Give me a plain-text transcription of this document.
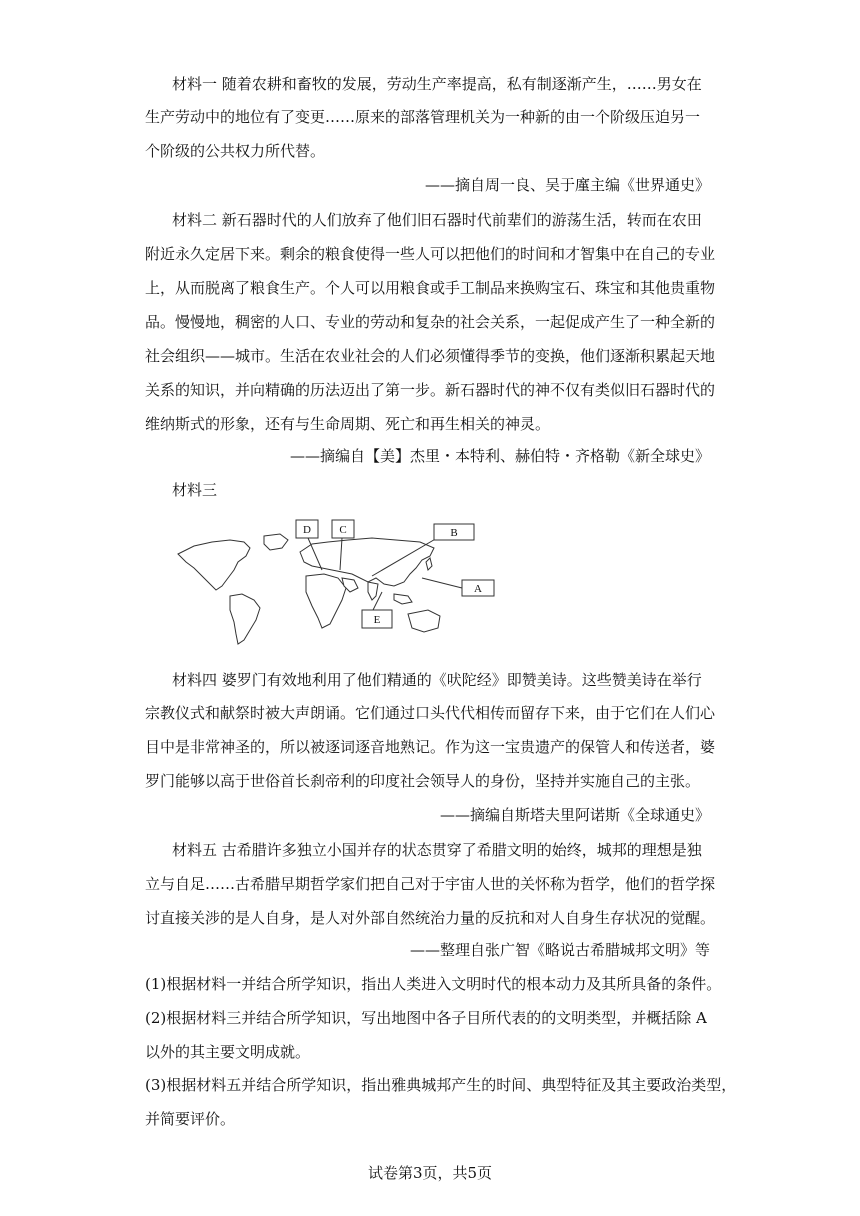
材料一 随着农耕和畜牧的发展，劳动生产率提高，私有制逐渐产生，……男女在
生产劳动中的地位有了变更……原来的部落管理机关为一种新的由一个阶级压迫另一
个阶级的公共权力所代替。
——摘自周一良、吴于廑主编《世界通史》
材料二 新石器时代的人们放弃了他们旧石器时代前辈们的游荡生活，转而在农田
附近永久定居下来。剩余的粮食使得一些人可以把他们的时间和才智集中在自己的专业
上，从而脱离了粮食生产。个人可以用粮食或手工制品来换购宝石、珠宝和其他贵重物
品。慢慢地，稠密的人口、专业的劳动和复杂的社会关系，一起促成产生了一种全新的
社会组织——城市。生活在农业社会的人们必须懂得季节的变换，他们逐渐积累起天地
关系的知识，并向精确的历法迈出了第一步。新石器时代的神不仅有类似旧石器时代的
维纳斯式的形象，还有与生命周期、死亡和再生相关的神灵。
——摘编自【美】杰里・本特利、赫伯特・齐格勒《新全球史》
材料三
D	C	B
A
E
材料四 婆罗门有效地利用了他们精通的《吠陀经》即赞美诗。这些赞美诗在举行
宗教仪式和献祭时被大声朗诵。它们通过口头代代相传而留存下来，由于它们在人们心
目中是非常神圣的，所以被逐词逐音地熟记。作为这一宝贵遗产的保管人和传送者，婆
罗门能够以高于世俗首长刹帝利的印度社会领导人的身份，坚持并实施自己的主张。
——摘编自斯塔夫里阿诺斯《全球通史》
材料五 古希腊许多独立小国并存的状态贯穿了希腊文明的始终，城邦的理想是独
立与自足……古希腊早期哲学家们把自己对于宇宙人世的关怀称为哲学，他们的哲学探
讨直接关涉的是人自身，是人对外部自然统治力量的反抗和对人自身生存状况的觉醒。
——整理自张广智《略说古希腊城邦文明》等
(1)根据材料一并结合所学知识，指出人类进入文明时代的根本动力及其所具备的条件。
(2)根据材料三并结合所学知识，写出地图中各子目所代表的的文明类型，并概括除 A
以外的其主要文明成就。
(3)根据材料五并结合所学知识，指出雅典城邦产生的时间、典型特征及其主要政治类型，
并简要评价。
试卷第3页，共5页
